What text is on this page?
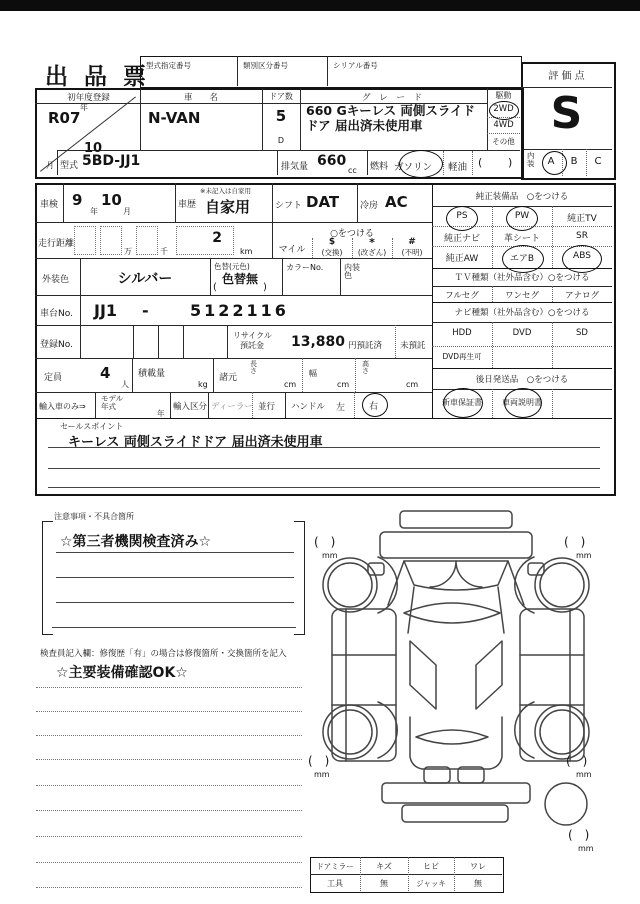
出 品 票
型式指定番号	類別区分番号	シリアル番号
評 価 点
S
内
装	A	B	C
初年度登録
年
R07
10
月
車　　名
N-VAN
ドア数
5
D
グ レ ー ド
660 Gキーレス 両側スライドドア 届出済未使用車
駆動
2WD
4WD
その他
型式 5BD-JJ1	排気量 660
cc 燃料 ガソリン 軽油 ( )
車検 9
年
10
月
車歴
※未記入は自家用
自家用	シフト DAT 冷房 AC
走行距離
万	千
2
km
○をつける
マイル
$
(交換)
*
(改ざん)
#
(不明)
外装色	シルバー
色替(元色)
色替無
(	)
カラーNo.	内装
色
車台No. JJ1 -	5122116
登録No.
リサイクル
預託金 13,880 円預託済 未預託
定員	4
人
積載量
kg
諸元
長
さ
cm
幅
cm
高
さ
cm
輸入車のみ⇒
モデル
年式
年
輸入区分 ディーラー 並行 ハンドル 左	右
セールスポイント
キーレス 両側スライドドア 届出済未使用車
純正装備品　○をつける
PS	PW	純正TV
純正ナビ	革シート	SR
純正AW	エアB	ABS
ＴＶ種類（社外品含む）○をつける
フルセグ	ワンセグ	アナログ
ナビ種類（社外品含む）○をつける
HDD	DVD	SD
DVD再生可
後日発送品　○をつける
新車保証書	車両説明書
注意事項・不具合箇所
☆第三者機関検査済み☆
検査員記入欄：修復歴「有」の場合は修復箇所・交換箇所を記入
☆主要装備確認OK☆
(　)
mm
(　)
mm
(　)
mm
(　)
mm
(　)
mm
ドアミラー	キズ	ヒビ	ワレ
工具	無	ジャッキ	無
